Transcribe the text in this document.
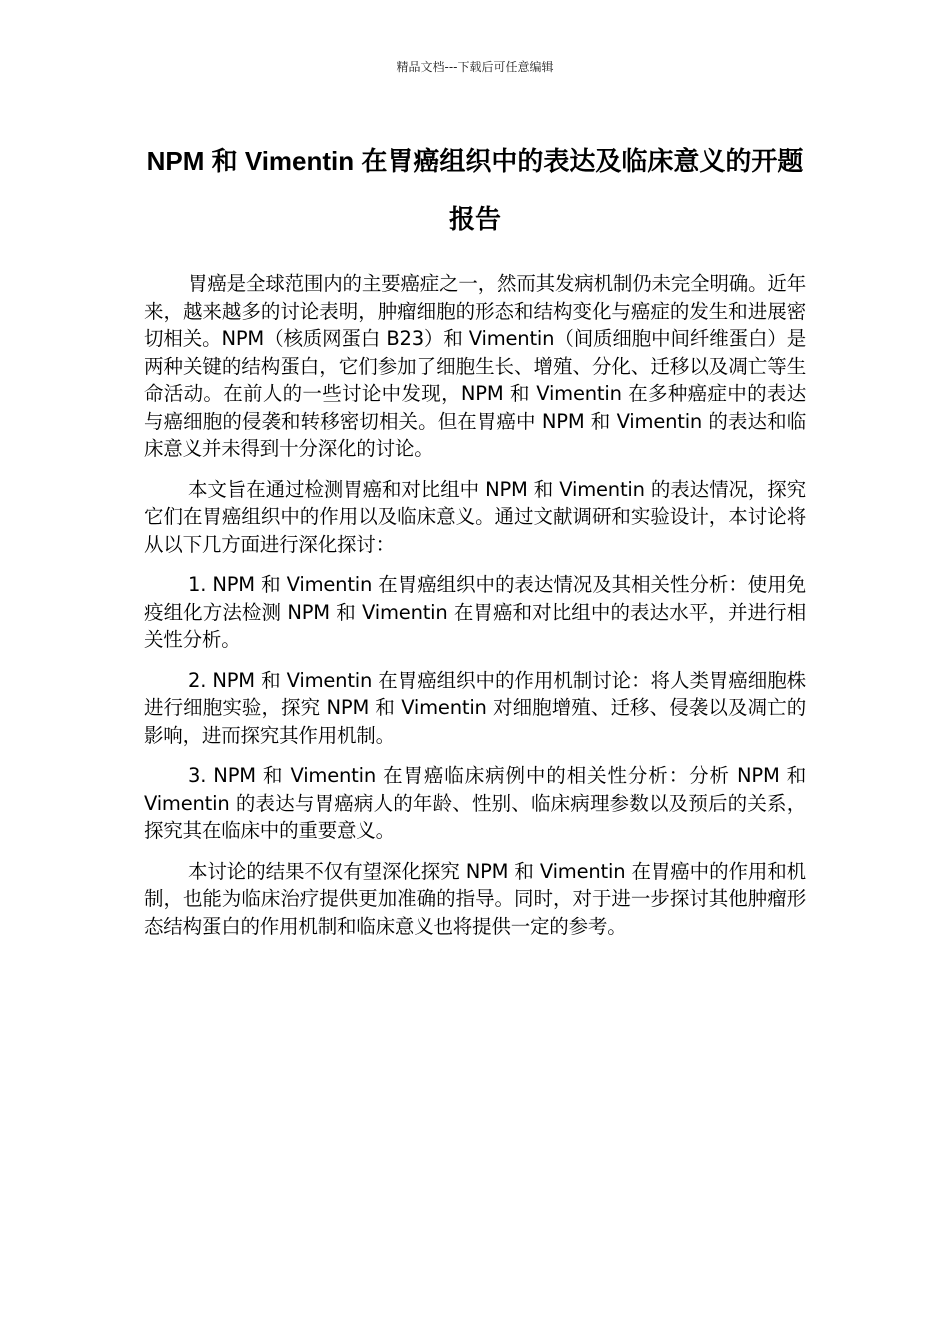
精品文档---下载后可任意编辑
NPM 和 Vimentin 在胃癌组织中的表达及临床意义的开题报告

胃癌是全球范围内的主要癌症之一，然而其发病机制仍未完全明确。近年来，越来越多的讨论表明，肿瘤细胞的形态和结构变化与癌症的发生和进展密切相关。NPM（核质网蛋白 B23）和 Vimentin（间质细胞中间纤维蛋白）是两种关键的结构蛋白，它们参加了细胞生长、增殖、分化、迁移以及凋亡等生命活动。在前人的一些讨论中发现，NPM 和 Vimentin 在多种癌症中的表达与癌细胞的侵袭和转移密切相关。但在胃癌中 NPM 和 Vimentin 的表达和临床意义并未得到十分深化的讨论。

本文旨在通过检测胃癌和对比组中 NPM 和 Vimentin 的表达情况，探究它们在胃癌组织中的作用以及临床意义。通过文献调研和实验设计，本讨论将从以下几方面进行深化探讨：

1. NPM 和 Vimentin 在胃癌组织中的表达情况及其相关性分析：使用免疫组化方法检测 NPM 和 Vimentin 在胃癌和对比组中的表达水平，并进行相关性分析。

2. NPM 和 Vimentin 在胃癌组织中的作用机制讨论：将人类胃癌细胞株进行细胞实验，探究 NPM 和 Vimentin 对细胞增殖、迁移、侵袭以及凋亡的影响，进而探究其作用机制。

3. NPM 和 Vimentin 在胃癌临床病例中的相关性分析：分析 NPM 和 Vimentin 的表达与胃癌病人的年龄、性别、临床病理参数以及预后的关系，探究其在临床中的重要意义。

本讨论的结果不仅有望深化探究 NPM 和 Vimentin 在胃癌中的作用和机制，也能为临床治疗提供更加准确的指导。同时，对于进一步探讨其他肿瘤形态结构蛋白的作用机制和临床意义也将提供一定的参考。
